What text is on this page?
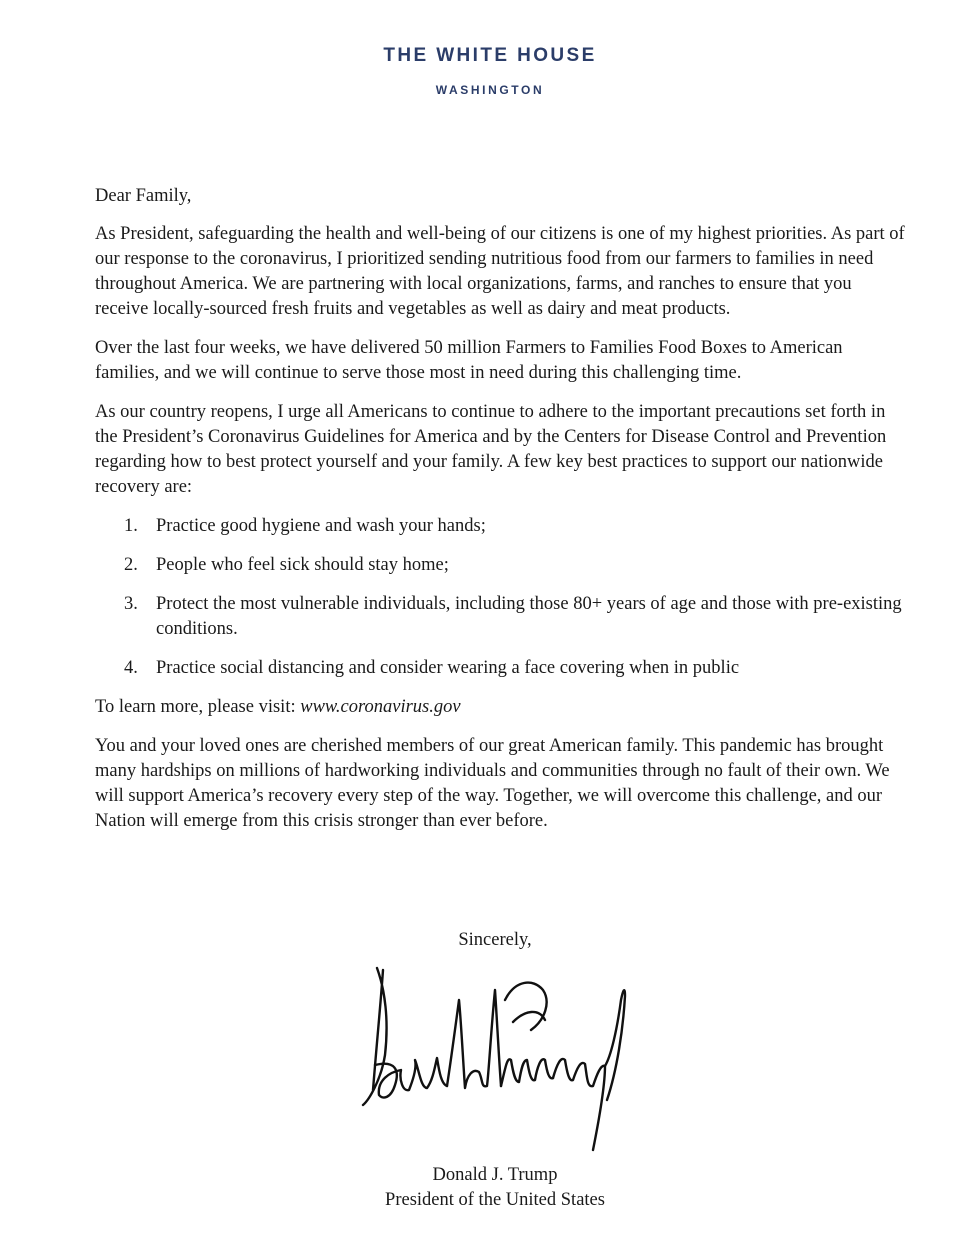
THE WHITE HOUSE
WASHINGTON

Dear Family,

As President, safeguarding the health and well-being of our citizens is one of my highest priorities. As part of our response to the coronavirus, I prioritized sending nutritious food from our farmers to families in need throughout America. We are partnering with local organizations, farms, and ranches to ensure that you receive locally-sourced fresh fruits and vegetables as well as dairy and meat products.

Over the last four weeks, we have delivered 50 million Farmers to Families Food Boxes to American families, and we will continue to serve those most in need during this challenging time.

As our country reopens, I urge all Americans to continue to adhere to the important precautions set forth in the President’s Coronavirus Guidelines for America and by the Centers for Disease Control and Prevention regarding how to best protect yourself and your family. A few key best practices to support our nationwide recovery are:

1. Practice good hygiene and wash your hands;
2. People who feel sick should stay home;
3. Protect the most vulnerable individuals, including those 80+ years of age and those with pre-existing conditions.
4. Practice social distancing and consider wearing a face covering when in public

To learn more, please visit: www.coronavirus.gov

You and your loved ones are cherished members of our great American family. This pandemic has brought many hardships on millions of hardworking individuals and communities through no fault of their own. We will support America’s recovery every step of the way. Together, we will overcome this challenge, and our Nation will emerge from this crisis stronger than ever before.

Sincerely,
Donald J. Trump
President of the United States
